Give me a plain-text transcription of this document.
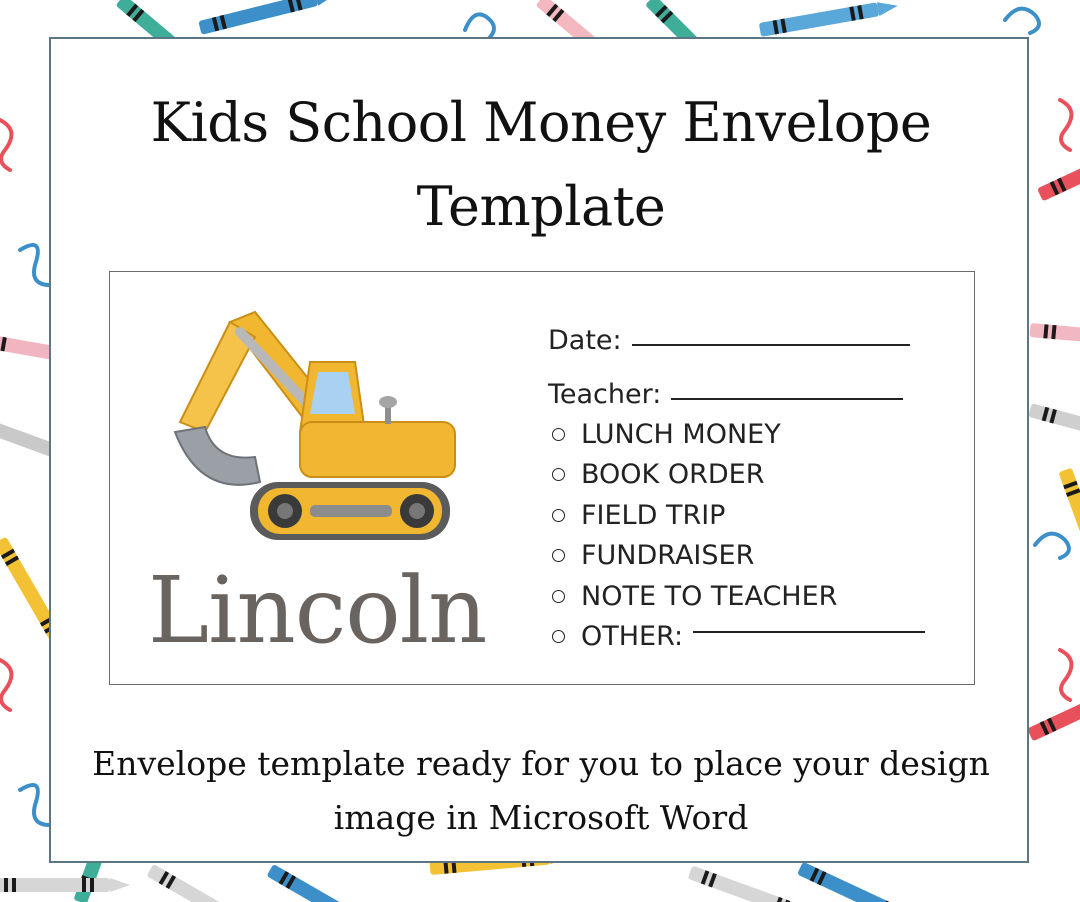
Kids School Money Envelope
Template
Lincoln
Date:
Teacher:
LUNCH MONEY
BOOK ORDER
FIELD TRIP
FUNDRAISER
NOTE TO TEACHER
OTHER:
Envelope template ready for you to place your design
image in Microsoft Word
